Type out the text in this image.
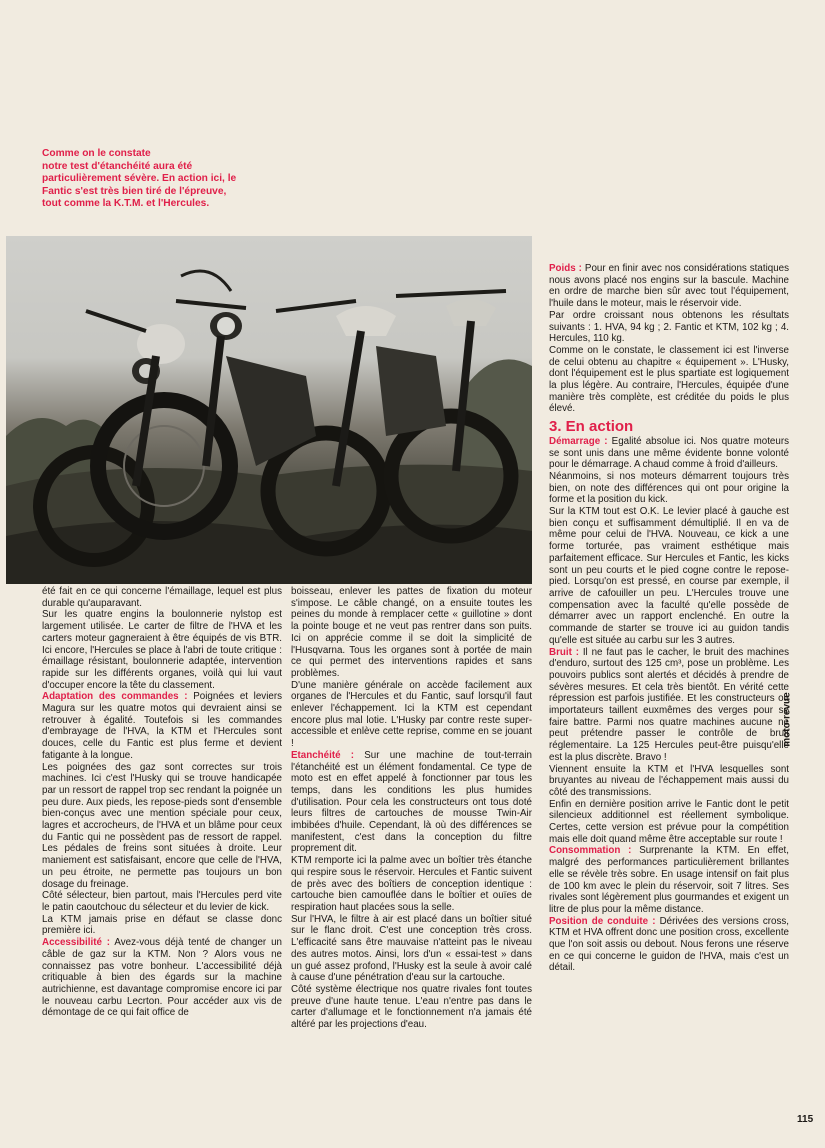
Comme on le constate
notre test d'étanchéité aura été
particulièrement sévère. En action ici, le
Fantic s'est très bien tiré de l'épreuve,
tout comme la K.T.M. et l'Hercules.

été fait en ce qui concerne l'émaillage, lequel est plus durable qu'auparavant.

Sur les quatre engins la boulonnerie nylstop est largement utilisée. Le carter de filtre de l'HVA et les carters moteur gagneraient à être équipés de vis BTR. Ici encore, l'Hercules se place à l'abri de toute critique : émaillage résistant, boulonnerie adaptée, intervention rapide sur les différents organes, voilà qui lui vaut d'occuper encore la tête du classement.

Adaptation des commandes : Poignées et leviers Magura sur les quatre motos qui devraient ainsi se retrouver à égalité. Toutefois si les commandes d'embrayage de l'HVA, la KTM et l'Hercules sont douces, celle du Fantic est plus ferme et devient fatigante à la longue.

Les poignées des gaz sont correctes sur trois machines. Ici c'est l'Husky qui se trouve handicapée par un ressort de rappel trop sec rendant la poignée un peu dure. Aux pieds, les repose-pieds sont d'ensemble bien-conçus avec une mention spéciale pour ceux, lagres et accrocheurs, de l'HVA et un blâme pour ceux du Fantic qui ne possèdent pas de ressort de rappel. Les pédales de freins sont situées à droite. Leur maniement est satisfaisant, encore que celle de l'HVA, un peu étroite, ne permette pas toujours un bon dosage du freinage.

Côté sélecteur, bien partout, mais l'Hercules perd vite le patin caoutchouc du sélecteur et du levier de kick.

La KTM jamais prise en défaut se classe donc première ici.

Accessibilité : Avez-vous déjà tenté de changer un câble de gaz sur la KTM. Non ? Alors vous ne connaissez pas votre bonheur. L'accessibilité déjà critiquable à bien des égards sur la machine autrichienne, est davantage compromise encore ici par le nouveau carbu Lecrton. Pour accéder aux vis de démontage de ce qui fait office de

boisseau, enlever les pattes de fixation du moteur s'impose. Le câble changé, on a ensuite toutes les peines du monde à remplacer cette « guillotine » dont la pointe bouge et ne veut pas rentrer dans son puits. Ici on apprécie comme il se doit la simplicité de l'Husqvarna. Tous les organes sont à portée de main ce qui permet des interventions rapides et sans problèmes.

D'une manière générale on accède facilement aux organes de l'Hercules et du Fantic, sauf lorsqu'il faut enlever l'échappement. Ici la KTM est cependant encore plus mal lotie. L'Husky par contre reste super-accessible et enlève cette reprise, comme en se jouant !

Etanchéité : Sur une machine de tout-terrain l'étanchéité est un élément fondamental. Ce type de moto est en effet appelé à fonctionner par tous les temps, dans les conditions les plus humides d'utilisation. Pour cela les constructeurs ont tous doté leurs filtres de cartouches de mousse Twin-Air imbibées d'huile. Cependant, là où des différences se manifestent, c'est dans la conception du filtre proprement dit.

KTM remporte ici la palme avec un boîtier très étanche qui respire sous le réservoir. Hercules et Fantic suivent de près avec des boîtiers de conception identique : cartouche bien camouflée dans le boîtier et ouïes de respiration haut placées sous la selle.

Sur l'HVA, le filtre à air est placé dans un boîtier situé sur le flanc droit. C'est une conception très cross. L'efficacité sans être mauvaise n'atteint pas le niveau des autres motos. Ainsi, lors d'un « essai-test » dans un gué assez profond, l'Husky est la seule à avoir calé à cause d'une pénétration d'eau sur la cartouche.

Côté système électrique nos quatre rivales font toutes preuve d'une haute tenue. L'eau n'entre pas dans le carter d'allumage et le fonctionnement n'a jamais été altéré par les projections d'eau.

Poids : Pour en finir avec nos considérations statiques nous avons placé nos engins sur la bascule. Machine en ordre de marche bien sûr avec tout l'équipement, l'huile dans le moteur, mais le réservoir vide.

Par ordre croissant nous obtenons les résultats suivants : 1. HVA, 94 kg ; 2. Fantic et KTM, 102 kg ; 4. Hercules, 110 kg.

Comme on le constate, le classement ici est l'inverse de celui obtenu au chapitre « équipement ». L'Husky, dont l'équipement est le plus spartiate est logiquement la plus légère. Au contraire, l'Hercules, équipée d'une manière très complète, est créditée du poids le plus élevé.

3. En action

Démarrage : Egalité absolue ici. Nos quatre moteurs se sont unis dans une même évidente bonne volonté pour le démarrage. A chaud comme à froid d'ailleurs.

Néanmoins, si nos moteurs démarrent toujours très bien, on note des différences qui ont pour origine la forme et la position du kick.

Sur la KTM tout est O.K. Le levier placé à gauche est bien conçu et suffisamment démultiplié. Il en va de même pour celui de l'HVA. Nouveau, ce kick a une forme torturée, pas vraiment esthétique mais parfaitement efficace. Sur Hercules et Fantic, les kicks sont un peu courts et le pied cogne contre le repose-pied. Lorsqu'on est pressé, en course par exemple, il arrive de cafouiller un peu. L'Hercules trouve une compensation avec la faculté qu'elle possède de démarrer avec un rapport enclenché. En outre la commande de starter se trouve ici au guidon tandis qu'elle est située au carbu sur les 3 autres.

Bruit : Il ne faut pas le cacher, le bruit des machines d'enduro, surtout des 125 cm³, pose un problème. Les pouvoirs publics sont alertés et décidés à prendre de sévères mesures. Et cela très bientôt. En vérité cette répression est parfois justifiée. Et les constructeurs ou importateurs taillent euxmêmes des verges pour se faire battre. Parmi nos quatre machines aucune ne peut prétendre passer le contrôle de bruit réglementaire. La 125 Hercules peut-être puisqu'elle est la plus discrète. Bravo !

Viennent ensuite la KTM et l'HVA lesquelles sont bruyantes au niveau de l'échappement mais aussi du côté des transmissions.

Enfin en dernière position arrive le Fantic dont le petit silencieux additionnel est réellement symbolique. Certes, cette version est prévue pour la compétition mais elle doit quand même être acceptable sur route !

Consommation : Surprenante la KTM. En effet, malgré des performances particulièrement brillantes elle se révèle très sobre. En usage intensif on fait plus de 100 km avec le plein du réservoir, soit 7 litres. Ses rivales sont légèrement plus gourmandes et exigent un litre de plus pour la même distance.

Position de conduite : Dérivées des versions cross, KTM et HVA offrent donc une position cross, excellente que l'on soit assis ou debout. Nous ferons une réserve en ce qui concerne le guidon de l'HVA, mais c'est un détail.

moto-revue
115
